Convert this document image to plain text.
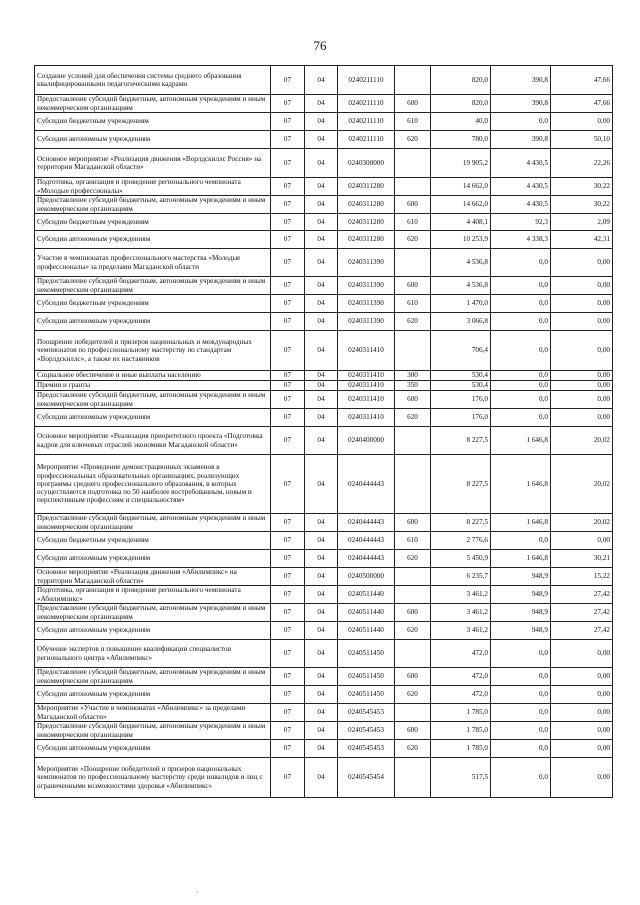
76
Создание условий для обеспечения системы среднего образования квалифицированными педагогическими кадрами	07	04	0240211110		820,0	390,8	47,66
Предоставление субсидий бюджетным, автономным учреждениям и иным некоммерческим организациям	07	04	0240211110	600	820,0	390,8	47,66
Субсидии бюджетным учреждениям	07	04	0240211110	610	40,0	0,0	0,00
Субсидии автономным учреждениям	07	04	0240211110	620	780,0	390,8	50,10
Основное мероприятие «Реализация движения «Ворлдскиллс Россия» на территории Магаданской области»	07	04	0240300000		19 905,2	4 430,5	22,26
Подготовка, организация и проведение регионального чемпионата «Молодые профессионалы»	07	04	0240311280		14 662,0	4 430,5	30,22
Предоставление субсидий бюджетным, автономным учреждениям и иным некоммерческим организациям	07	04	0240311280	600	14 662,0	4 430,5	30,22
Субсидии бюджетным учреждениям	07	04	0240311280	610	4 408,1	92,3	2,09
Субсидии автономным учреждениям	07	04	0240311280	620	10 253,9	4 338,3	42,31
Участие в чемпионатах профессионального мастерства «Молодые профессионалы» за пределами Магаданской области	07	04	0240311390		4 536,8	0,0	0,00
Предоставление субсидий бюджетным, автономным учреждениям и иным некоммерческим организациям	07	04	0240311390	600	4 536,8	0,0	0,00
Субсидии бюджетным учреждениям	07	04	0240311390	610	1 470,0	0,0	0,00
Субсидии автономным учреждениям	07	04	0240311390	620	3 066,8	0,0	0,00
Поощрение победителей и призеров национальных и международных чемпионатов по профессиональному мастерству по стандартам «Ворлдскиллс», а также их наставников	07	04	0240311410		706,4	0,0	0,00
Социальное обеспечение и иные выплаты населению	07	04	0240311410	300	530,4	0,0	0,00
Премии и гранты	07	04	0240311410	350	530,4	0,0	0,00
Предоставление субсидий бюджетным, автономным учреждениям и иным некоммерческим организациям	07	04	0240311410	600	176,0	0,0	0,00
Субсидии автономным учреждениям	07	04	0240311410	620	176,0	0,0	0,00
Основное мероприятие «Реализация приоритетного проекта «Подготовка кадров для ключевых отраслей экономики Магаданской области»	07	04	0240400000		8 227,5	1 646,8	20,02
Мероприятие «Проведение демонстрационных экзаменов в профессиональных образовательных организациях, реализующих программы среднего профессионального образования, в которых осуществляется подготовка по 50 наиболее востребованным, новым и перспективным профессиям и специальностям»	07	04	0240444443		8 227,5	1 646,8	20,02
Предоставление субсидий бюджетным, автономным учреждениям и иным некоммерческим организациям	07	04	0240444443	600	8 227,5	1 646,8	20,02
Субсидии бюджетным учреждениям	07	04	0240444443	610	2 776,6	0,0	0,00
Субсидии автономным учреждениям	07	04	0240444443	620	5 450,9	1 646,8	30,21
Основное мероприятие «Реализация движения «Абилимпикс» на территории Магаданской области»	07	04	0240500000		6 235,7	948,9	15,22
Подготовка, организация и проведение регионального чемпионата «Абилимпикс»	07	04	0240511440		3 461,2	948,9	27,42
Предоставление субсидий бюджетным, автономным учреждениям и иным некоммерческим организациям	07	04	0240511440	600	3 461,2	948,9	27,42
Субсидии автономным учреждениям	07	04	0240511440	620	3 461,2	948,9	27,42
Обучение экспертов и повышение квалификации специалистов регионального центра «Абилимпикс»	07	04	0240511450		472,0	0,0	0,00
Предоставление субсидий бюджетным, автономным учреждениям и иным некоммерческим организациям	07	04	0240511450	600	472,0	0,0	0,00
Субсидии автономным учреждениям	07	04	0240511450	620	472,0	0,0	0,00
Мероприятие «Участие в чемпионатах «Абилимпикс» за пределами Магаданской области»	07	04	0240545453		1 785,0	0,0	0,00
Предоставление субсидий бюджетным, автономным учреждениям и иным некоммерческим организациям	07	04	0240545453	600	1 785,0	0,0	0,00
Субсидии автономным учреждениям	07	04	0240545453	620	1 785,0	0,0	0,00
Мероприятие «Поощрение победителей и призеров национальных чемпионатов по профессиональному мастерству среди инвалидов и лиц с ограниченными возможностями здоровья «Абилимпикс»	07	04	0240545454		517,5	0,0	0,00
·
